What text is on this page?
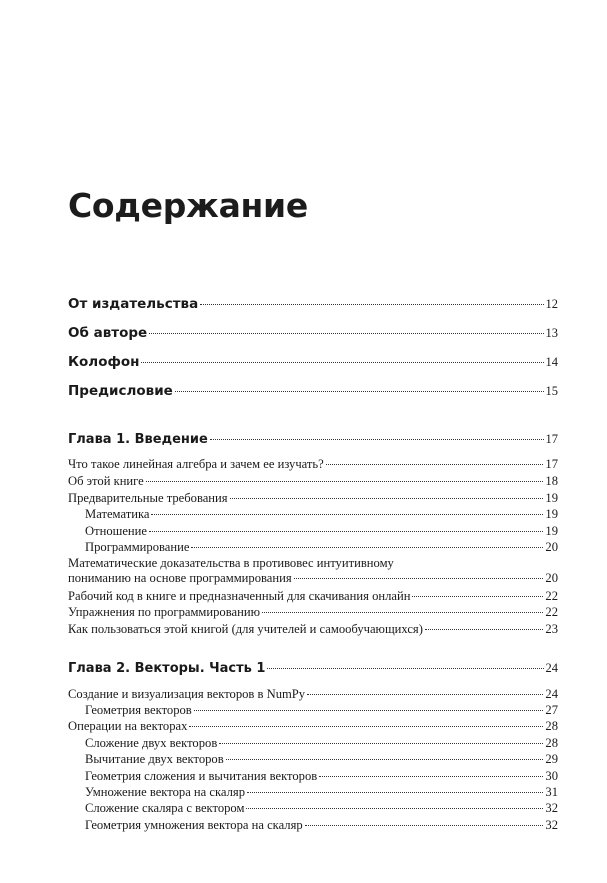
Содержание
От издательства	12
Об авторе	13
Колофон	14
Предисловие	15
Глава 1. Введение	17
Что такое линейная алгебра и зачем ее изучать?	17
Об этой книге	18
Предварительные требования	19
Математика	19
Отношение	19
Программирование	20
Математические доказательства в противовес интуитивному
пониманию на основе программирования	20
Рабочий код в книге и предназначенный для скачивания онлайн	22
Упражнения по программированию	22
Как пользоваться этой книгой (для учителей и самообучающихся)	23
Глава 2. Векторы. Часть 1	24
Создание и визуализация векторов в NumPy	24
Геометрия векторов	27
Операции на векторах	28
Сложение двух векторов	28
Вычитание двух векторов	29
Геометрия сложения и вычитания векторов	30
Умножение вектора на скаляр	31
Сложение скаляра с вектором	32
Геометрия умножения вектора на скаляр	32
